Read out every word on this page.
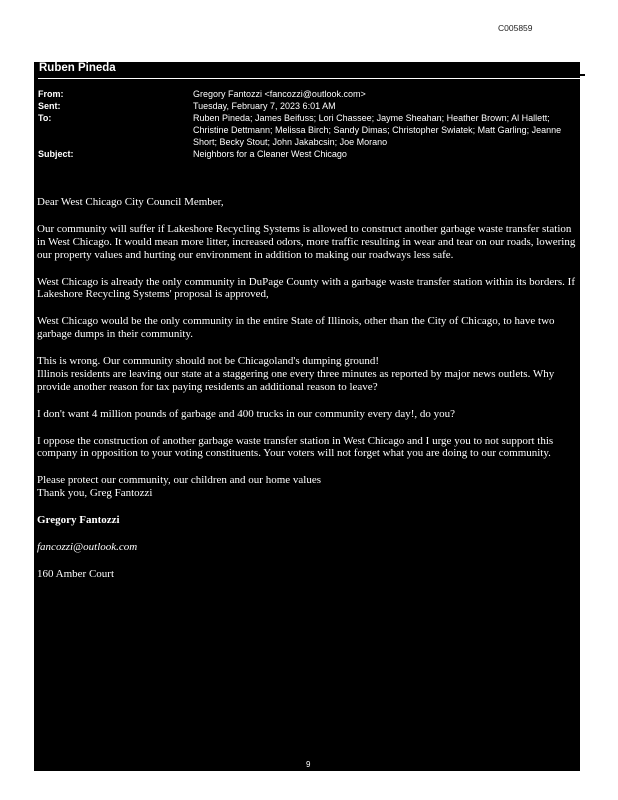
C005859
Ruben Pineda
From:	Gregory Fantozzi <fancozzi@outlook.com>
Sent:	Tuesday, February 7, 2023 6:01 AM
To:	Ruben Pineda; James Beifuss; Lori Chassee; Jayme Sheahan; Heather Brown; Al Hallett; Christine Dettmann; Melissa Birch; Sandy Dimas; Christopher Swiatek; Matt Garling; Jeanne Short; Becky Stout; John Jakabcsin; Joe Morano
Subject:	Neighbors for a Cleaner West Chicago

Dear West Chicago City Council Member,

Our community will suffer if Lakeshore Recycling Systems is allowed to construct another garbage waste transfer station in West Chicago. It would mean more litter, increased odors, more traffic resulting in wear and tear on our roads, lowering our property values and hurting our environment in addition to making our roadways less safe.

West Chicago is already the only community in DuPage County with a garbage waste transfer station within its borders. If Lakeshore Recycling Systems' proposal is approved,

West Chicago would be the only community in the entire State of Illinois, other than the City of Chicago, to have two garbage dumps in their community.

This is wrong. Our community should not be Chicagoland's dumping ground!
Illinois residents are leaving our state at a staggering one every three minutes as reported by major news outlets. Why provide another reason for tax paying residents an additional reason to leave?

I don't want 4 million pounds of garbage and 400 trucks in our community every day!, do you?

I oppose the construction of another garbage waste transfer station in West Chicago and I urge you to not support this company in opposition to your voting constituents. Your voters will not forget what you are doing to our community.

Please protect our community, our children and our home values
Thank you, Greg Fantozzi

Gregory Fantozzi

fancozzi@outlook.com

160 Amber Court

9
